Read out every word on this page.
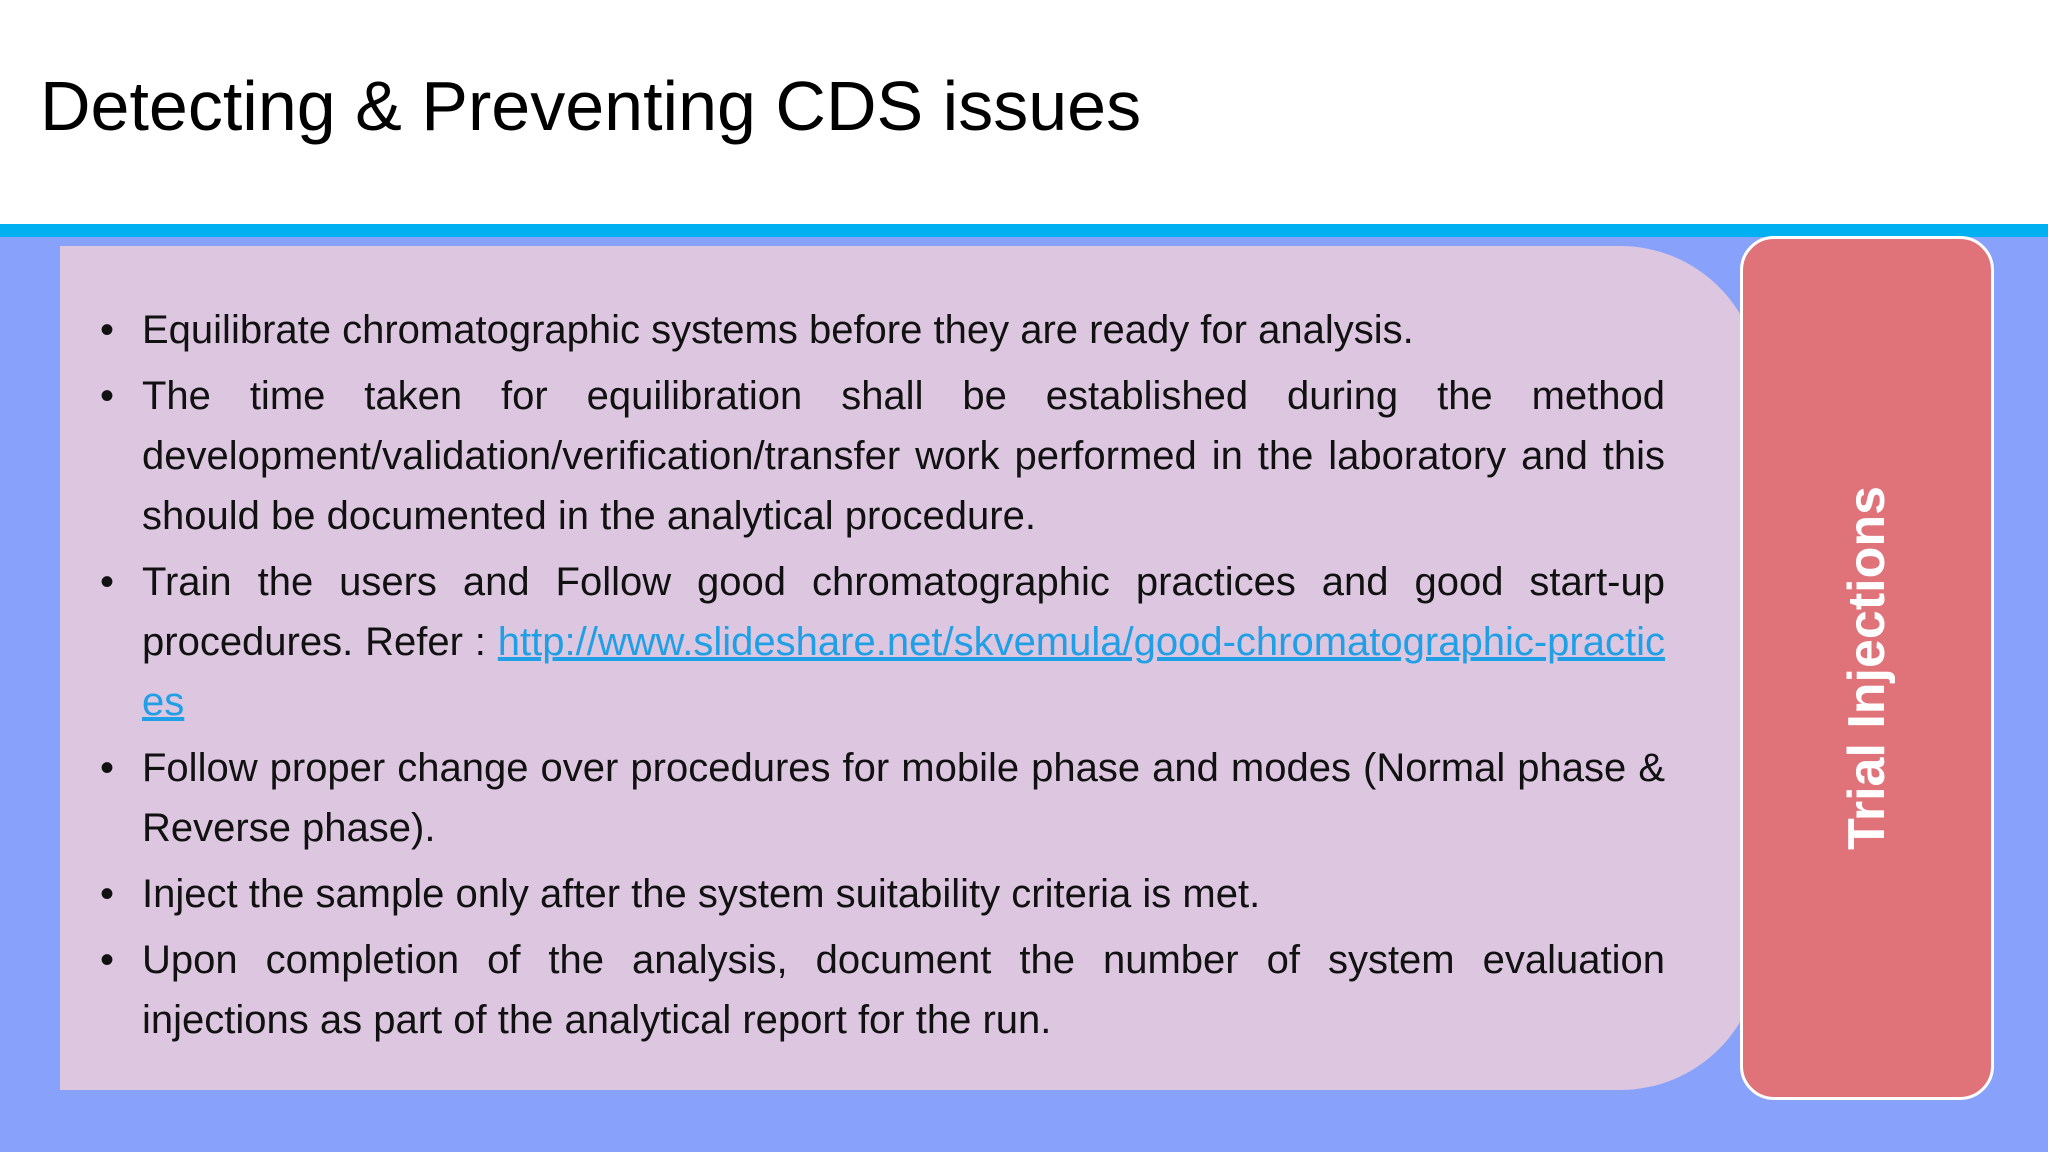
Detecting & Preventing CDS issues
• Equilibrate chromatographic systems before they are ready for analysis.
• The time taken for equilibration shall be established during the method development/validation/verification/transfer work performed in the laboratory and this should be documented in the analytical procedure.
• Train the users and Follow good chromatographic practices and good start-up procedures. Refer : http://www.slideshare.net/skvemula/good-chromatographic-practices
• Follow proper change over procedures for mobile phase and modes (Normal phase & Reverse phase).
• Inject the sample only after the system suitability criteria is met.
• Upon completion of the analysis, document the number of system evaluation injections as part of the analytical report for the run.
Trial Injections
